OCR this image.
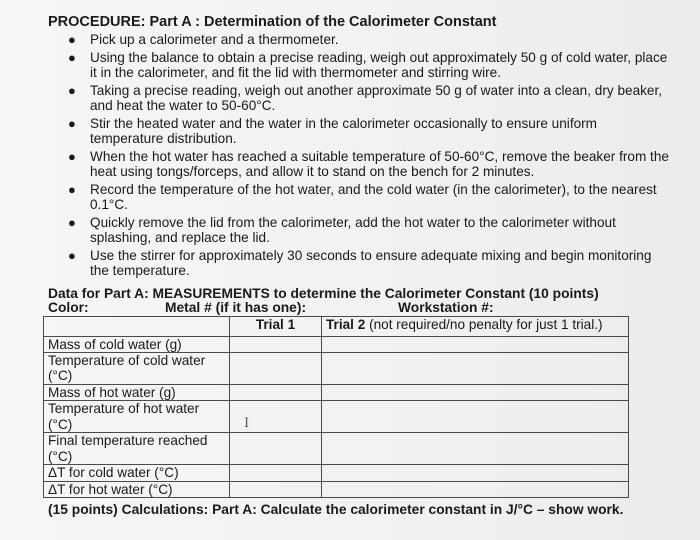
PROCEDURE: Part A : Determination of the Calorimeter Constant
● Pick up a calorimeter and a thermometer.
● Using the balance to obtain a precise reading, weigh out approximately 50 g of cold water, place it in the calorimeter, and fit the lid with thermometer and stirring wire.
● Taking a precise reading, weigh out another approximate 50 g of water into a clean, dry beaker, and heat the water to 50-60°C.
● Stir the heated water and the water in the calorimeter occasionally to ensure uniform temperature distribution.
● When the hot water has reached a suitable temperature of 50-60°C, remove the beaker from the heat using tongs/forceps, and allow it to stand on the bench for 2 minutes.
● Record the temperature of the hot water, and the cold water (in the calorimeter), to the nearest 0.1°C.
● Quickly remove the lid from the calorimeter, add the hot water to the calorimeter without splashing, and replace the lid.
● Use the stirrer for approximately 30 seconds to ensure adequate mixing and begin monitoring the temperature.
Data for Part A: MEASUREMENTS to determine the Calorimeter Constant (10 points)
Color:	Metal # (if it has one):	Workstation #:
	Trial 1	Trial 2 (not required/no penalty for just 1 trial.)
Mass of cold water (g)		
Temperature of cold water (°C)		
Mass of hot water (g)		
Temperature of hot water (°C)		
Final temperature reached (°C)		
ΔT for cold water (°C)		
ΔT for hot water (°C)		
I
(15 points) Calculations: Part A: Calculate the calorimeter constant in J/°C – show work.
